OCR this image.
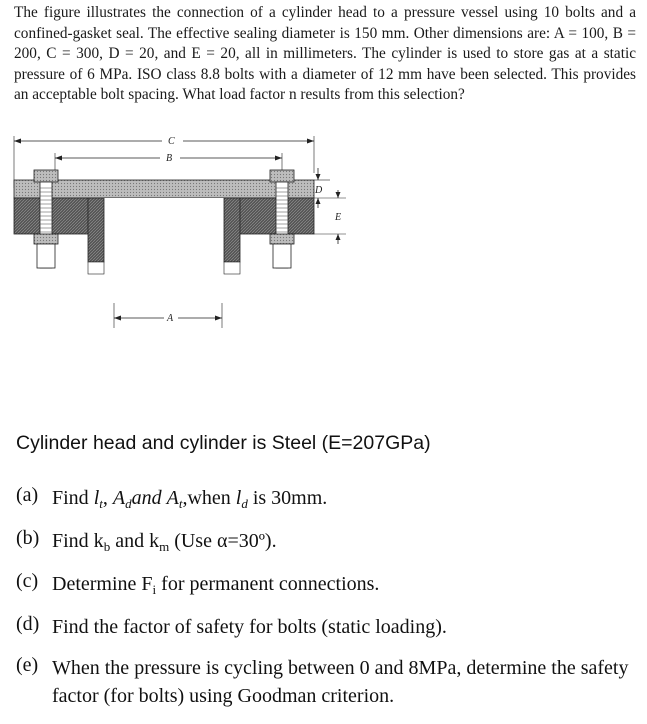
The figure illustrates the connection of a cylinder head to a pressure vessel using 10 bolts and a confined-gasket seal. The effective sealing diameter is 150 mm. Other dimensions are: A = 100, B = 200, C = 300, D = 20, and E = 20, all in millimeters. The cylinder is used to store gas at a static pressure of 6 MPa. ISO class 8.8 bolts with a diameter of 12 mm have been selected. This provides an acceptable bolt spacing. What load factor n results from this selection?
C
B
D
E
A
Cylinder head and cylinder is Steel (E=207GPa)
(a) Find $l_t$, $A_dand$ $A_t,when$ $l_d$ is 30mm.
(b) Find $k_b$ and $k_m$ (Use α=30º).
(c) Determine $F_i$ for permanent connections.
(d) Find the factor of safety for bolts (static loading).
(e) When the pressure is cycling between 0 and 8MPa, determine the safety factor (for bolts) using Goodman criterion.
